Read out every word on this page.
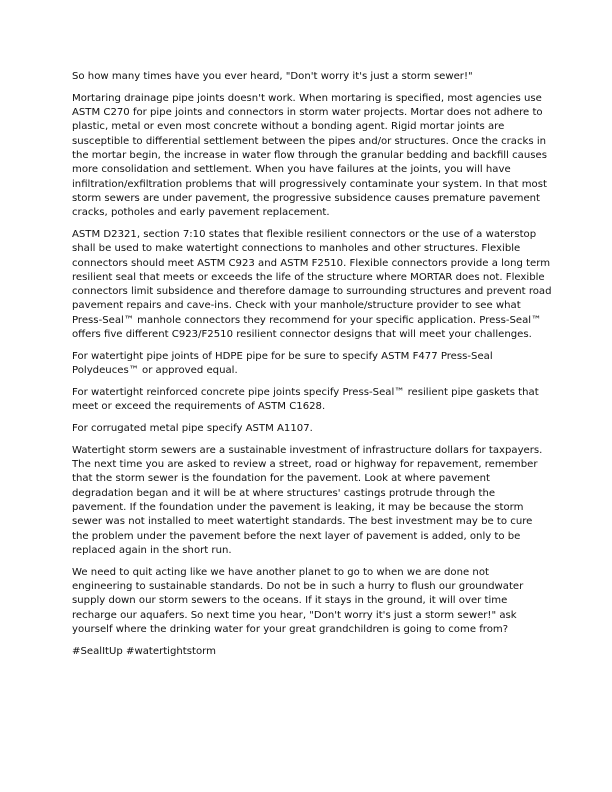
So how many times have you ever heard, "Don't worry it's just a storm sewer!"

Mortaring drainage pipe joints doesn't work. When mortaring is specified, most agencies use ASTM C270 for pipe joints and connectors in storm water projects. Mortar does not adhere to plastic, metal or even most concrete without a bonding agent. Rigid mortar joints are susceptible to differential settlement between the pipes and/or structures. Once the cracks in the mortar begin, the increase in water flow through the granular bedding and backfill causes more consolidation and settlement. When you have failures at the joints, you will have infiltration/exfiltration problems that will progressively contaminate your system. In that most storm sewers are under pavement, the progressive subsidence causes premature pavement cracks, potholes and early pavement replacement.

ASTM D2321, section 7:10 states that flexible resilient connectors or the use of a waterstop shall be used to make watertight connections to manholes and other structures. Flexible connectors should meet ASTM C923 and ASTM F2510. Flexible connectors provide a long term resilient seal that meets or exceeds the life of the structure where MORTAR does not. Flexible connectors limit subsidence and therefore damage to surrounding structures and prevent road pavement repairs and cave-ins. Check with your manhole/structure provider to see what Press-Seal™ manhole connectors they recommend for your specific application. Press-Seal™ offers five different C923/F2510 resilient connector designs that will meet your challenges.

For watertight pipe joints of HDPE pipe for be sure to specify ASTM F477 Press-Seal Polydeuces™ or approved equal.

For watertight reinforced concrete pipe joints specify Press-Seal™ resilient pipe gaskets that meet or exceed the requirements of ASTM C1628.

For corrugated metal pipe specify ASTM A1107.

Watertight storm sewers are a sustainable investment of infrastructure dollars for taxpayers. The next time you are asked to review a street, road or highway for repavement, remember that the storm sewer is the foundation for the pavement. Look at where pavement degradation began and it will be at where structures' castings protrude through the pavement. If the foundation under the pavement is leaking, it may be because the storm sewer was not installed to meet watertight standards. The best investment may be to cure the problem under the pavement before the next layer of pavement is added, only to be replaced again in the short run.

We need to quit acting like we have another planet to go to when we are done not engineering to sustainable standards. Do not be in such a hurry to flush our groundwater supply down our storm sewers to the oceans. If it stays in the ground, it will over time recharge our aquafers. So next time you hear, "Don't worry it's just a storm sewer!" ask yourself where the drinking water for your great grandchildren is going to come from?

#SealItUp #watertightstorm
